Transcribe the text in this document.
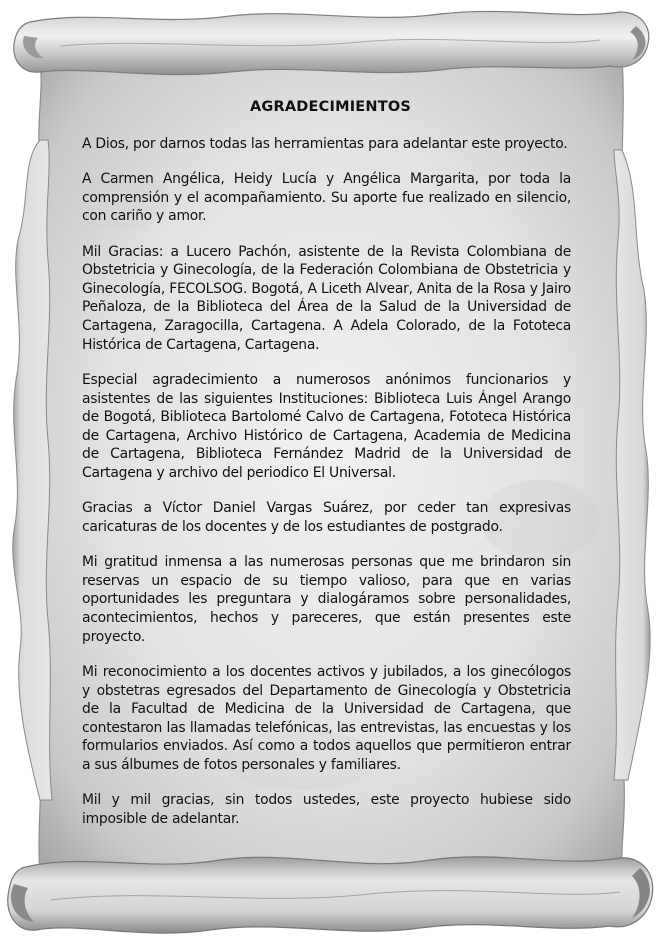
AGRADECIMIENTOS

A Dios, por darnos todas las herramientas para adelantar este proyecto.

A Carmen Angélica, Heidy Lucía y Angélica Margarita, por toda la comprensión y el acompañamiento. Su aporte fue realizado en silencio, con cariño y amor.

Mil Gracias: a Lucero Pachón, asistente de la Revista Colombiana de Obstetricia y Ginecología, de la Federación Colombiana de Obstetricia y Ginecología, FECOLSOG. Bogotá, A Liceth Alvear, Anita de la Rosa y Jairo Peñaloza, de la Biblioteca del Área de la Salud de la Universidad de Cartagena, Zaragocilla, Cartagena. A Adela Colorado, de la Fototeca Histórica de Cartagena, Cartagena.

Especial agradecimiento a numerosos anónimos funcionarios y asistentes de las siguientes Instituciones: Biblioteca Luis Ángel Arango de Bogotá, Biblioteca Bartolomé Calvo de Cartagena, Fototeca Histórica de Cartagena, Archivo Histórico de Cartagena, Academia de Medicina de Cartagena, Biblioteca Fernández Madrid de la Universidad de Cartagena y archivo del periodico El Universal.

Gracias a Víctor Daniel Vargas Suárez, por ceder tan expresivas caricaturas de los docentes y de los estudiantes de postgrado.

Mi gratitud inmensa a las numerosas personas que me brindaron sin reservas un espacio de su tiempo valioso, para que en varias oportunidades les preguntara y dialogáramos sobre personalidades, acontecimientos, hechos y pareceres, que están presentes este proyecto.

Mi reconocimiento a los docentes activos y jubilados, a los ginecólogos y obstetras egresados del Departamento de Ginecología y Obstetricia de la Facultad de Medicina de la Universidad de Cartagena, que contestaron las llamadas telefónicas, las entrevistas, las encuestas y los formularios enviados. Así como a todos aquellos que permitieron entrar a sus álbumes de fotos personales y familiares.

Mil y mil gracias, sin todos ustedes, este proyecto hubiese sido imposible de adelantar.
